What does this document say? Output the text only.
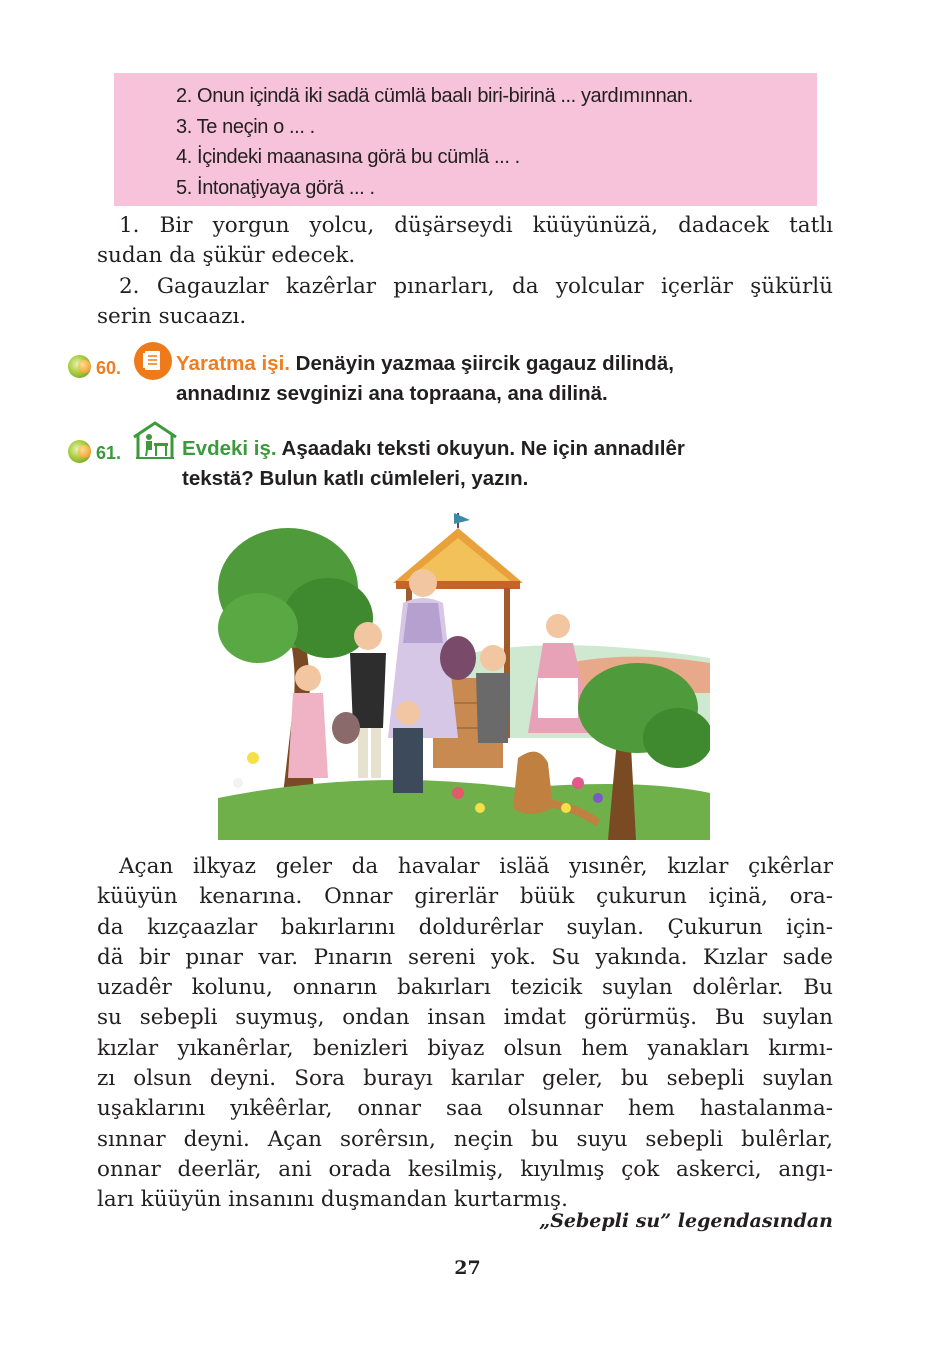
2. Onun içindä iki sadä cümlä baalı biri-birinä ... yardımınnan.
3. Te neçin o ... .
4. İçindeki maanasına görä bu cümlä ... .
5. İntonaţiyaya görä ... .
1. Bir yorgun yolcu, düşärseydi küüyünüzä, dadacek tatlı
sudan da şükür edecek.
2. Gagauzlar kazêrlar pınarları, da yolcular içerlär şükürlü
serin sucaazı.
60.	Yaratma işi. Denäyin yazmaa şiircik gagauz dilindä,
annadınız sevginizi ana topraana, ana dilinä.
61.	Evdeki iş. Aşaadakı teksti okuyun. Ne için annadılêr
tekstä? Bulun katlı cümleleri, yazın.
Açan ilkyaz geler da havalar isläă yısınêr, kızlar çıkêrlar
küüyün kenarına. Onnar girerlär büük çukurun içinä, ora-
da kızçaazlar bakırlarını doldurêrlar suylan. Çukurun için-
dä bir pınar var. Pınarın sereni yok. Su yakında. Kızlar sade
uzadêr kolunu, onnarın bakırları tezicik suylan dolêrlar. Bu
su sebepli suymuş, ondan insan imdat görürmüş. Bu suylan
kızlar yıkanêrlar, benizleri biyaz olsun hem yanakları kırmı-
zı olsun deyni. Sora burayı karılar geler, bu sebepli suylan
uşaklarını yıkêêrlar, onnar saa olsunnar hem hastalanma-
sınnar deyni. Açan sorêrsın, neçin bu suyu sebepli bulêrlar,
onnar deerlär, ani orada kesilmiş, kıyılmış çok askerci, angı-
ları küüyün insanını duşmandan kurtarmış.
„Sebepli su” legendasından
27
